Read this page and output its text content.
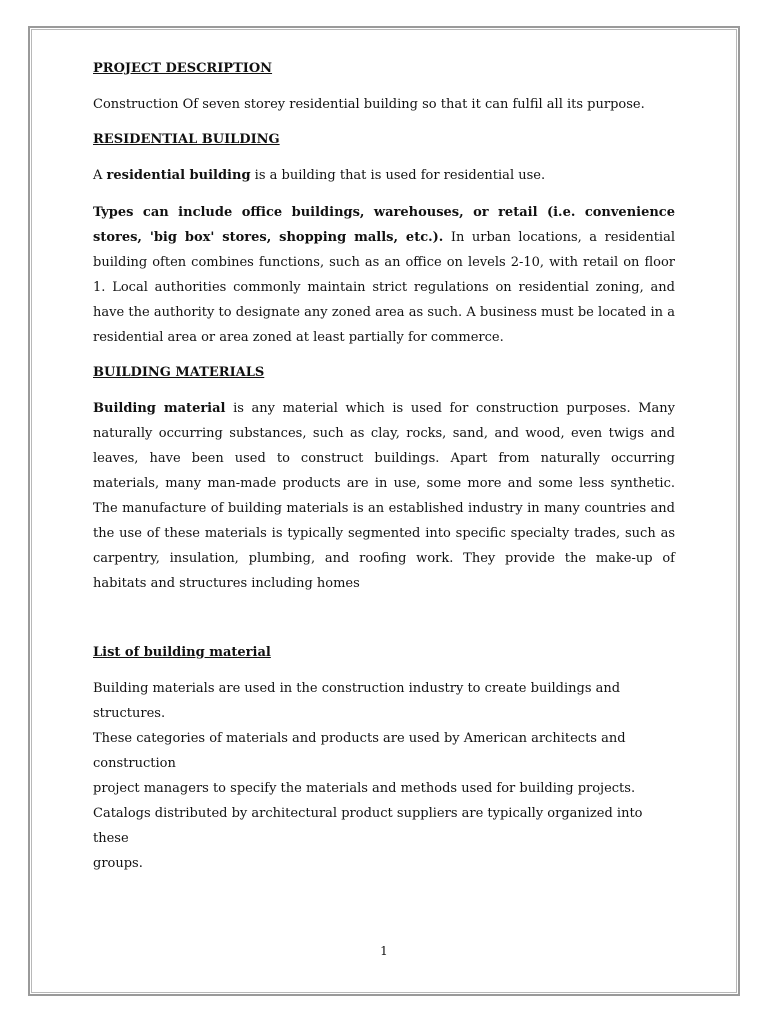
PROJECT DESCRIPTION

Construction Of seven storey residential building so that it can fulfil all its purpose.

RESIDENTIAL BUILDING

A residential building is a building that is used for residential use.

Types can include office buildings, warehouses, or retail (i.e. convenience stores, 'big box' stores, shopping malls, etc.). In urban locations, a residential building often combines functions, such as an office on levels 2-10, with retail on floor 1. Local authorities commonly maintain strict regulations on residential zoning, and have the authority to designate any zoned area as such. A business must be located in a residential area or area zoned at least partially for commerce.

BUILDING MATERIALS

Building material is any material which is used for construction purposes. Many naturally occurring substances, such as clay, rocks, sand, and wood, even twigs and leaves, have been used to construct buildings. Apart from naturally occurring materials, many man-made products are in use, some more and some less synthetic. The manufacture of building materials is an established industry in many countries and the use of these materials is typically segmented into specific specialty trades, such as carpentry, insulation, plumbing, and roofing work. They provide the make-up of habitats and structures including homes

List of building material

Building materials are used in the construction industry to create buildings and structures.
These categories of materials and products are used by American architects and construction
project managers to specify the materials and methods used for building projects.
Catalogs distributed by architectural product suppliers are typically organized into these
groups.
1
